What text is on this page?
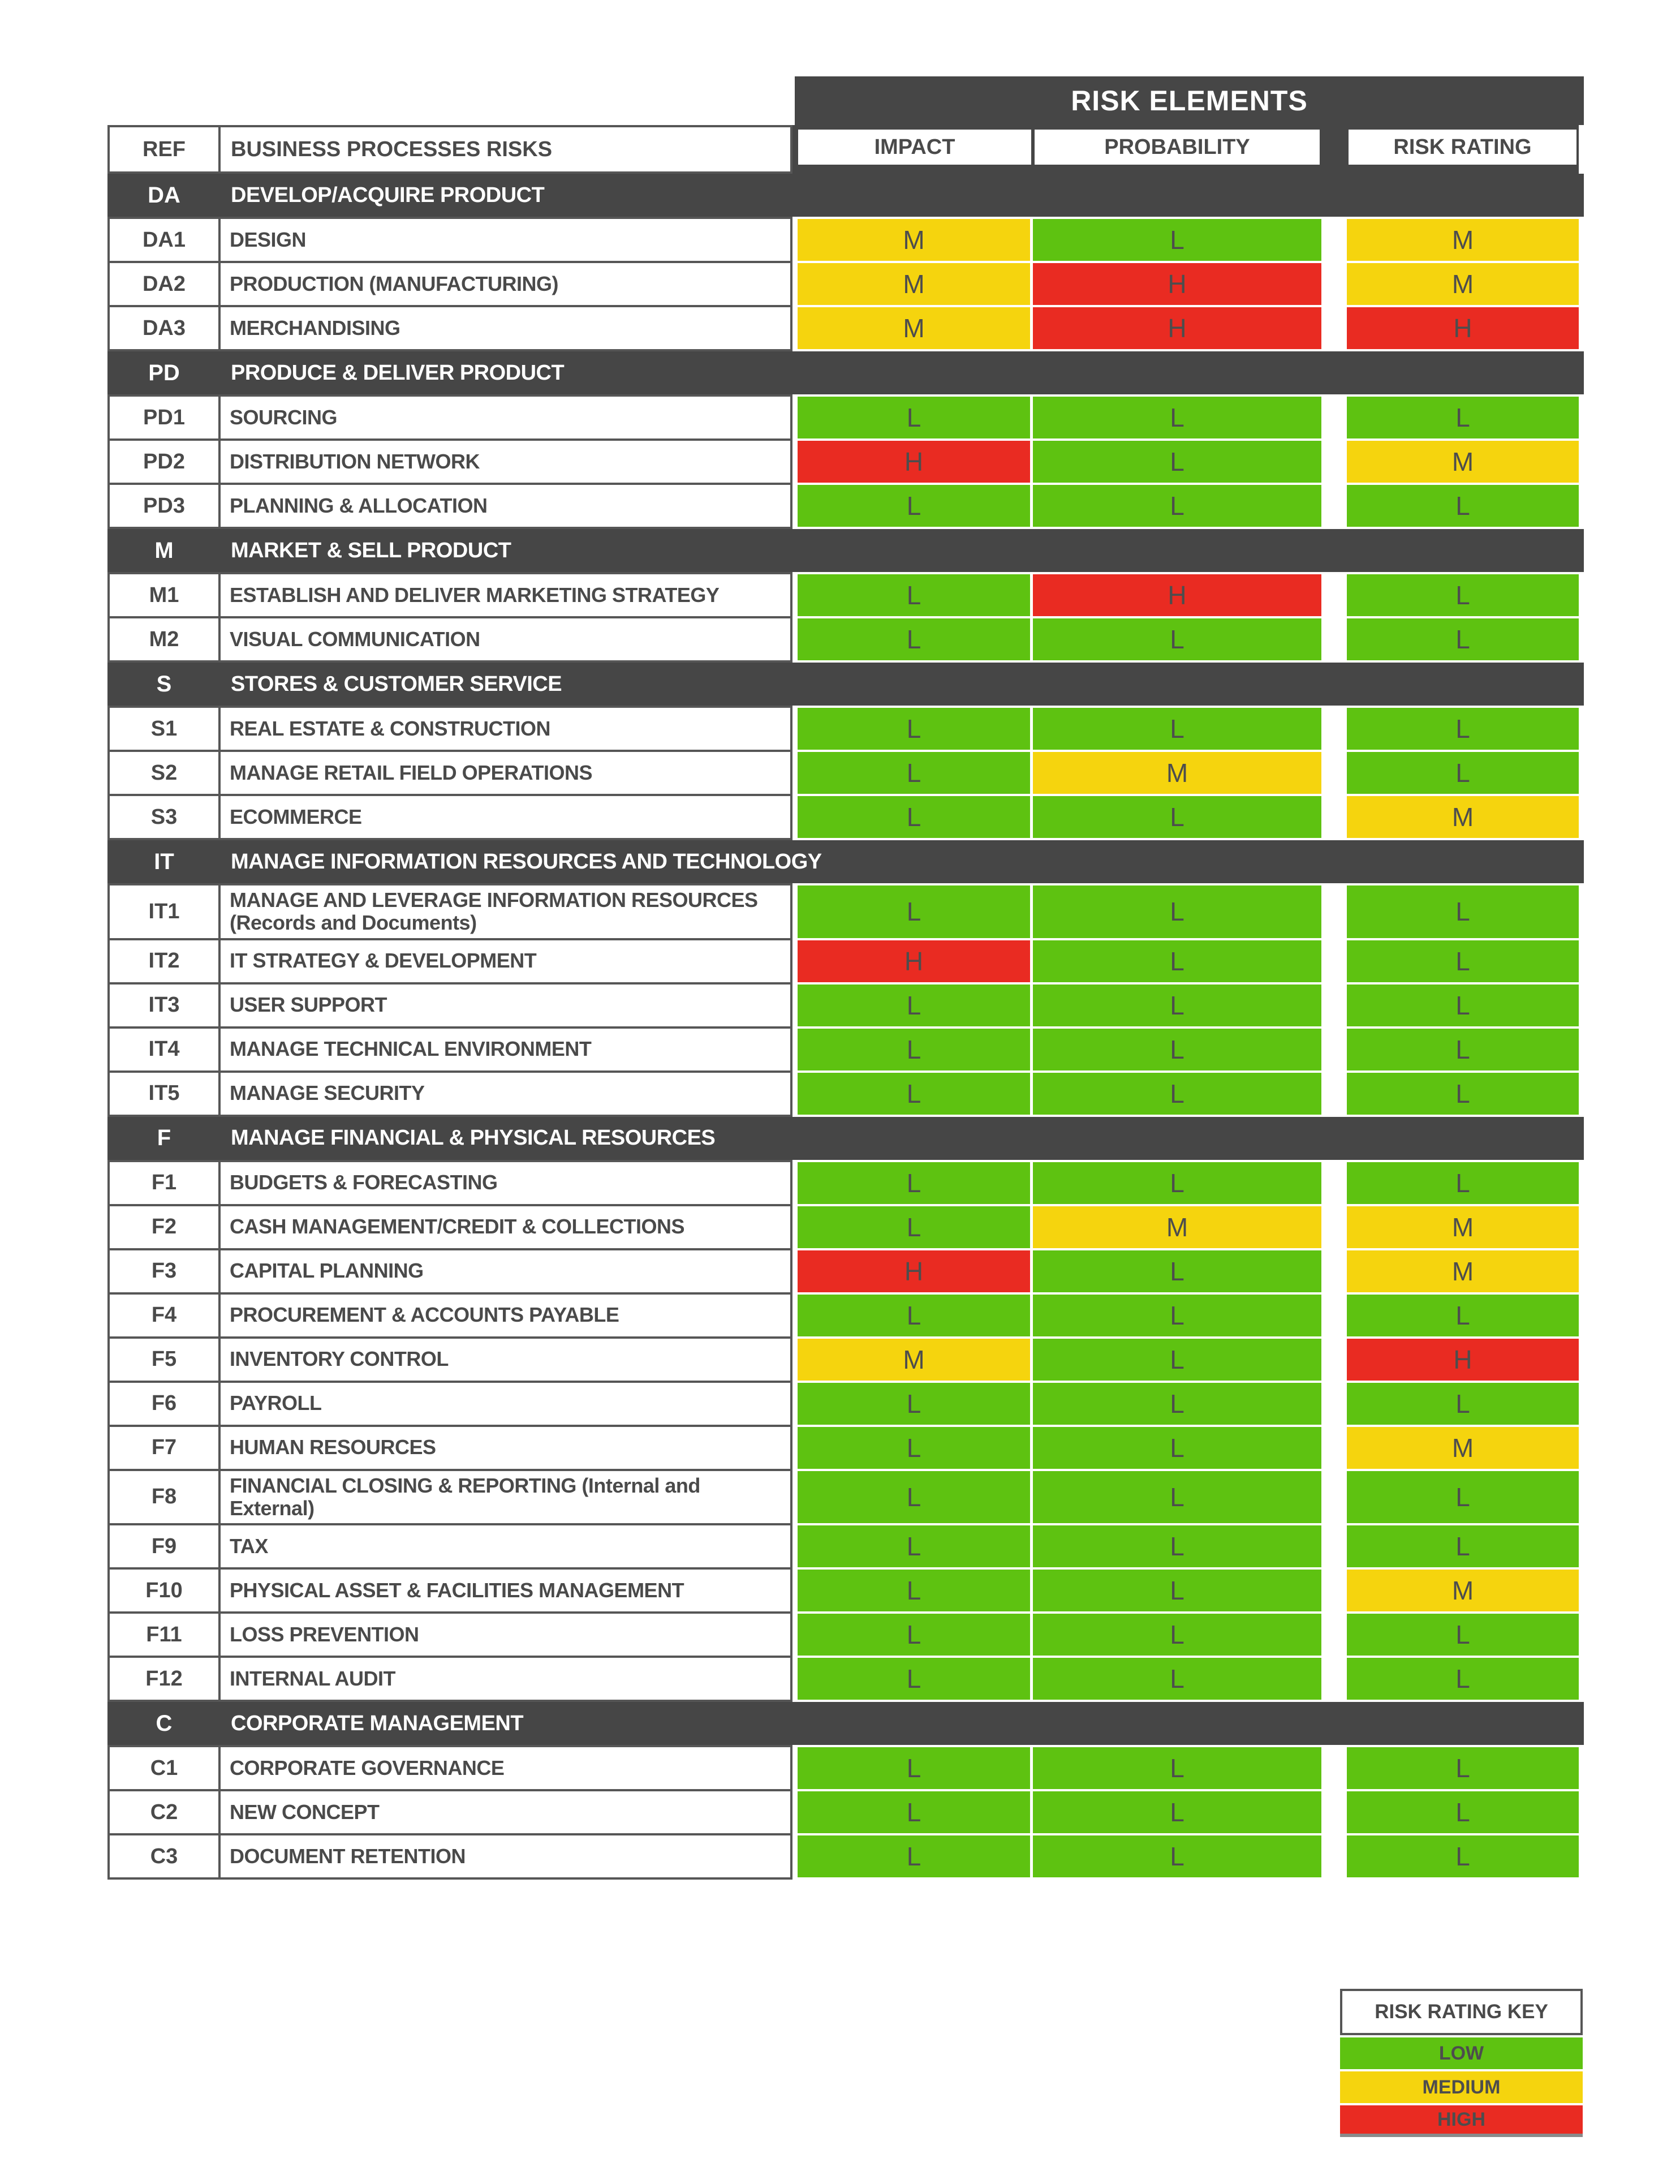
RISK ELEMENTS
REF	BUSINESS PROCESSES RISKS	IMPACT	PROBABILITY	RISK RATING
DA	DEVELOP/ACQUIRE PRODUCT
DA1	DESIGN	M	L	M
DA2	PRODUCTION (MANUFACTURING)	M	H	M
DA3	MERCHANDISING	M	H	H
PD	PRODUCE & DELIVER PRODUCT
PD1	SOURCING	L	L	L
PD2	DISTRIBUTION NETWORK	H	L	M
PD3	PLANNING & ALLOCATION	L	L	L
M	MARKET & SELL PRODUCT
M1	ESTABLISH AND DELIVER MARKETING STRATEGY	L	H	L
M2	VISUAL COMMUNICATION	L	L	L
S	STORES & CUSTOMER SERVICE
S1	REAL ESTATE & CONSTRUCTION	L	L	L
S2	MANAGE RETAIL FIELD OPERATIONS	L	M	L
S3	ECOMMERCE	L	L	M
IT	MANAGE INFORMATION RESOURCES AND TECHNOLOGY
IT1	MANAGE AND LEVERAGE INFORMATION RESOURCES (Records and Documents)	L	L	L
IT2	IT STRATEGY & DEVELOPMENT	H	L	L
IT3	USER SUPPORT	L	L	L
IT4	MANAGE TECHNICAL ENVIRONMENT	L	L	L
IT5	MANAGE SECURITY	L	L	L
F	MANAGE FINANCIAL & PHYSICAL RESOURCES
F1	BUDGETS & FORECASTING	L	L	L
F2	CASH MANAGEMENT/CREDIT & COLLECTIONS	L	M	M
F3	CAPITAL PLANNING	H	L	M
F4	PROCUREMENT & ACCOUNTS PAYABLE	L	L	L
F5	INVENTORY CONTROL	M	L	H
F6	PAYROLL	L	L	L
F7	HUMAN RESOURCES	L	L	M
F8	FINANCIAL CLOSING & REPORTING (Internal and External)	L	L	L
F9	TAX	L	L	L
F10	PHYSICAL ASSET & FACILITIES MANAGEMENT	L	L	M
F11	LOSS PREVENTION	L	L	L
F12	INTERNAL AUDIT	L	L	L
C	CORPORATE MANAGEMENT
C1	CORPORATE GOVERNANCE	L	L	L
C2	NEW CONCEPT	L	L	L
C3	DOCUMENT RETENTION	L	L	L
RISK RATING KEY
LOW
MEDIUM
HIGH
